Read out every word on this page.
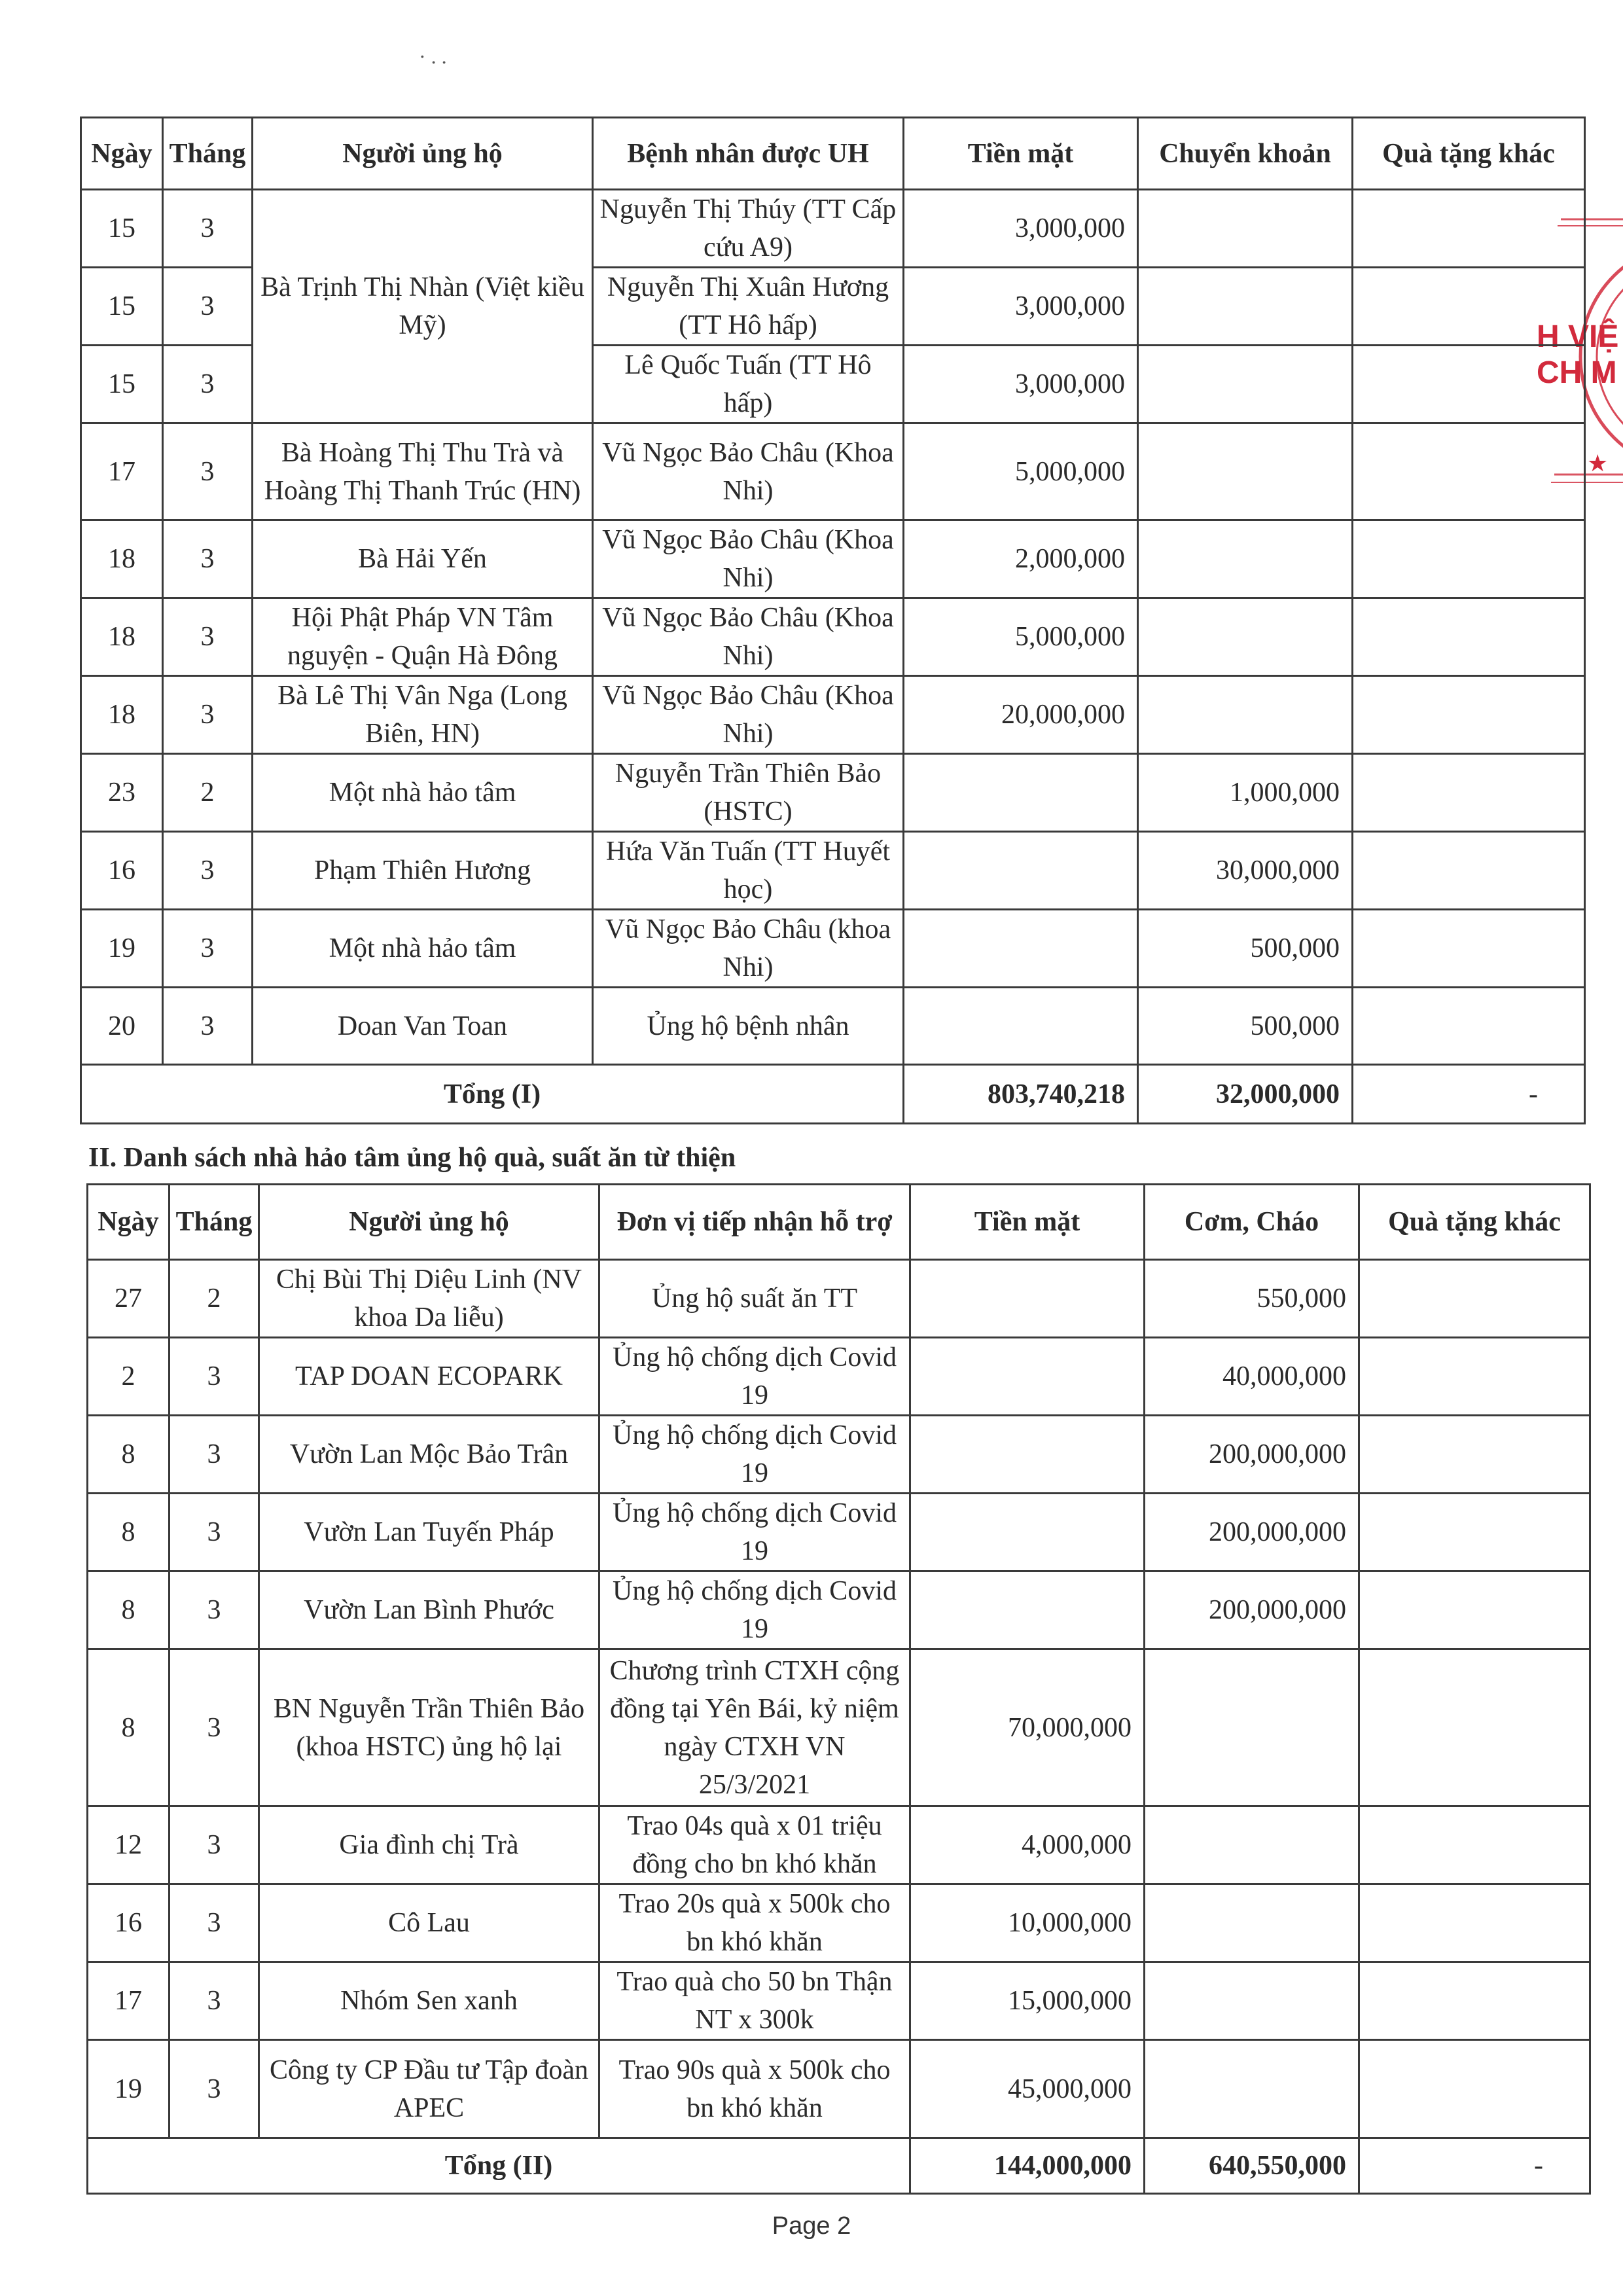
· . .
H VIỆ
CH M
★
Ngày	Tháng	Người ủng hộ	Bệnh nhân được UH	Tiền mặt	Chuyển khoản	Quà tặng khác
15	3		Nguyễn Thị Thúy (TT Cấp cứu A9)	3,000,000		
15	3	Bà Trịnh Thị Nhàn (Việt kiều Mỹ)	Nguyễn Thị Xuân Hương (TT Hô hấp)	3,000,000		
15	3		Lê Quốc Tuấn (TT Hô hấp)	3,000,000		
17	3	Bà Hoàng Thị Thu Trà và Hoàng Thị Thanh Trúc (HN)	Vũ Ngọc Bảo Châu (Khoa Nhi)	5,000,000		
18	3	Bà Hải Yến	Vũ Ngọc Bảo Châu (Khoa Nhi)	2,000,000		
18	3	Hội Phật Pháp VN Tâm nguyện - Quận Hà Đông	Vũ Ngọc Bảo Châu (Khoa Nhi)	5,000,000		
18	3	Bà Lê Thị Vân Nga (Long Biên, HN)	Vũ Ngọc Bảo Châu (Khoa Nhi)	20,000,000		
23	2	Một nhà hảo tâm	Nguyễn Trần Thiên Bảo (HSTC)		1,000,000	
16	3	Phạm Thiên Hương	Hứa Văn Tuấn (TT Huyết học)		30,000,000	
19	3	Một nhà hảo tâm	Vũ Ngọc Bảo Châu (khoa Nhi)		500,000	
20	3	Doan Van Toan	Ủng hộ bệnh nhân		500,000	
Tổng (I)				803,740,218	32,000,000	-
II. Danh sách nhà hảo tâm ủng hộ quà, suất ăn từ thiện
Ngày	Tháng	Người ủng hộ	Đơn vị tiếp nhận hỗ trợ	Tiền mặt	Cơm, Cháo	Quà tặng khác
27	2	Chị Bùi Thị Diệu Linh (NV khoa Da liễu)	Ủng hộ suất ăn TT		550,000	
2	3	TAP DOAN ECOPARK	Ủng hộ chống dịch Covid 19		40,000,000	
8	3	Vườn Lan Mộc Bảo Trân	Ủng hộ chống dịch Covid 19		200,000,000	
8	3	Vườn Lan Tuyến Pháp	Ủng hộ chống dịch Covid 19		200,000,000	
8	3	Vườn Lan Bình Phước	Ủng hộ chống dịch Covid 19		200,000,000	
8	3	BN Nguyễn Trần Thiên Bảo (khoa HSTC) ủng hộ lại	Chương trình CTXH cộng đồng tại Yên Bái, kỷ niệm ngày CTXH VN 25/3/2021	70,000,000		
12	3	Gia đình chị Trà	Trao 04s quà x 01 triệu đồng cho bn khó khăn	4,000,000		
16	3	Cô Lau	Trao 20s quà x 500k cho bn khó khăn	10,000,000		
17	3	Nhóm Sen xanh	Trao quà cho 50 bn Thận NT x 300k	15,000,000		
19	3	Công ty CP Đầu tư Tập đoàn APEC	Trao 90s quà x 500k cho bn khó khăn	45,000,000		
Tổng (II)				144,000,000	640,550,000	-
Page 2
